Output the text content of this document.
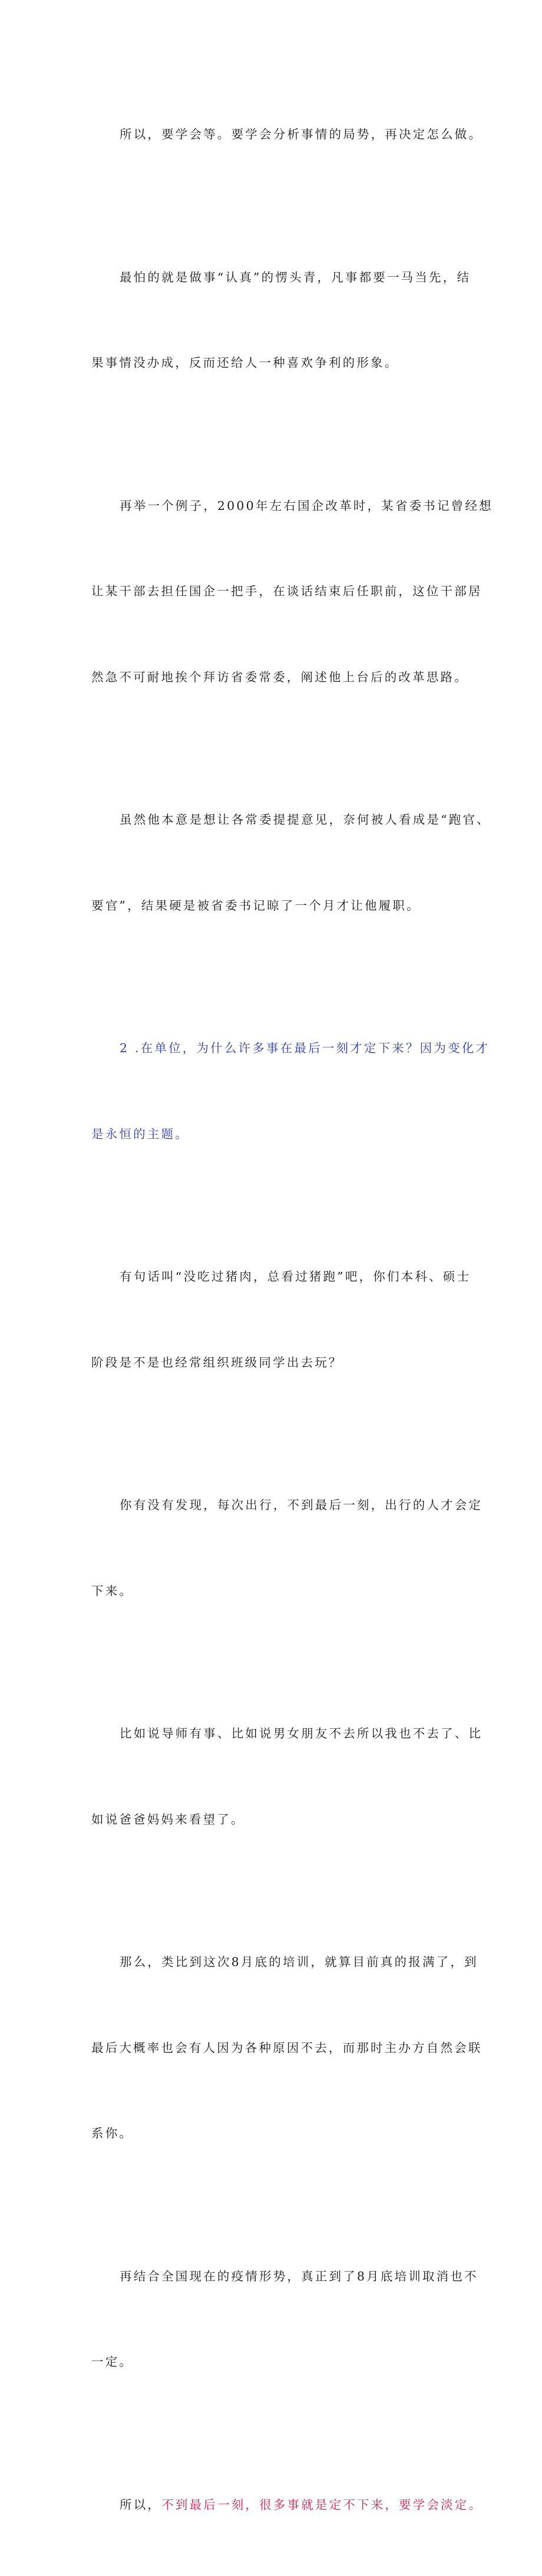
所以，要学会等。要学会分析事情的局势，再决定怎么做。

最怕的就是做事“认真”的愣头青，凡事都要一马当先，结

果事情没办成，反而还给人一种喜欢争利的形象。

再举一个例子，2000年左右国企改革时，某省委书记曾经想

让某干部去担任国企一把手，在谈话结束后任职前，这位干部居

然急不可耐地挨个拜访省委常委，阐述他上台后的改革思路。

虽然他本意是想让各常委提提意见，奈何被人看成是“跑官、

要官”，结果硬是被省委书记晾了一个月才让他履职。

2 .在单位，为什么许多事在最后一刻才定下来？因为变化才

是永恒的主题。

有句话叫“没吃过猪肉，总看过猪跑”吧，你们本科、硕士

阶段是不是也经常组织班级同学出去玩？

你有没有发现，每次出行，不到最后一刻，出行的人才会定

下来。

比如说导师有事、比如说男女朋友不去所以我也不去了、比

如说爸爸妈妈来看望了。

那么，类比到这次8月底的培训，就算目前真的报满了，到

最后大概率也会有人因为各种原因不去，而那时主办方自然会联

系你。

再结合全国现在的疫情形势，真正到了8月底培训取消也不

一定。

所以，不到最后一刻，很多事就是定不下来，要学会淡定。
